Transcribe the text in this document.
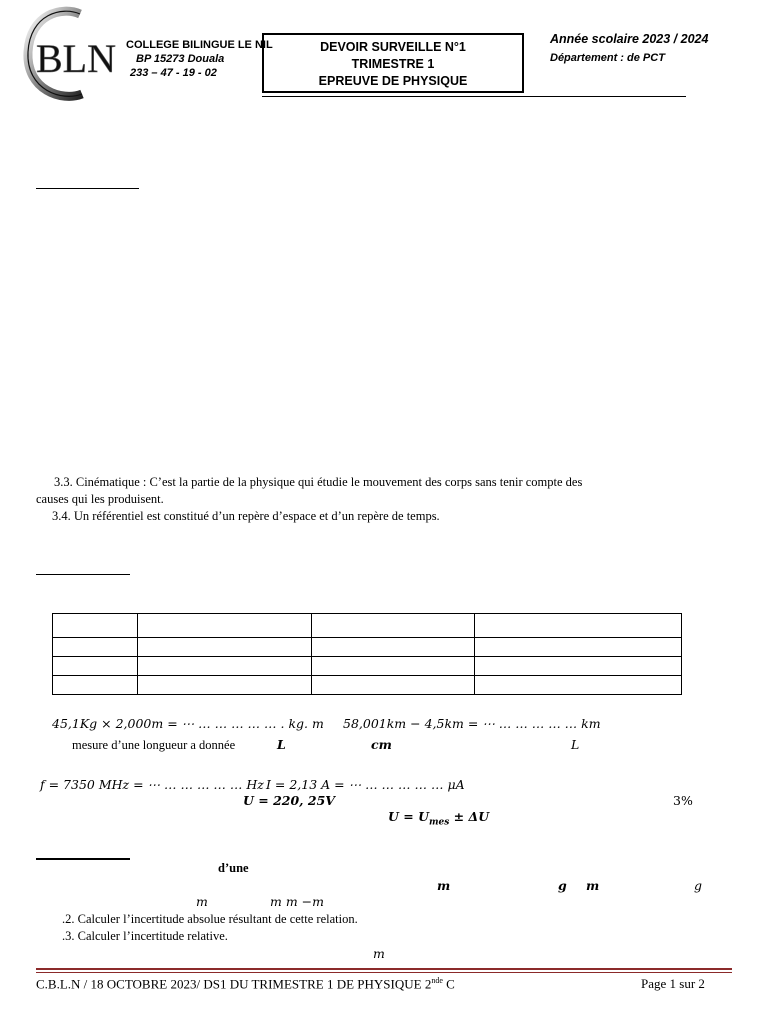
BLN COLLEGE BILINGUE LE NIL
BP 15273 Douala
233 – 47 - 19 - 02
DEVOIR SURVEILLE N°1
TRIMESTRE 1
EPREUVE DE PHYSIQUE
Année scolaire 2023 / 2024
Département : de PCT
3.3. Cinématique : C’est la partie de la physique qui étudie le mouvement des corps sans tenir compte des
causes qui les produisent.
3.4. Un référentiel est constitué d’un repère d’espace et d’un repère de temps.

45,1Kg × 2,000m = ⋯ … … … … … . kg. m 58,001km − 4,5km = ⋯ … … … … … km
mesure d’une longueur a donnée	L	cm	L
f = 7350 MHz = ⋯ … … … … … Hz I = 2,13 A = ⋯ … … … … … μA
U = 220, 25V	3%
$U = U_{mes} \pm \Delta U$
d’une
m	g m	g
m	m m −m
.2. Calculer l’incertitude absolue résultant de cette relation.
.3. Calculer l’incertitude relative.
m
C.B.L.N / 18 OCTOBRE 2023/ DS1 DU TRIMESTRE 1 DE PHYSIQUE 2nde C	Page 1 sur 2
